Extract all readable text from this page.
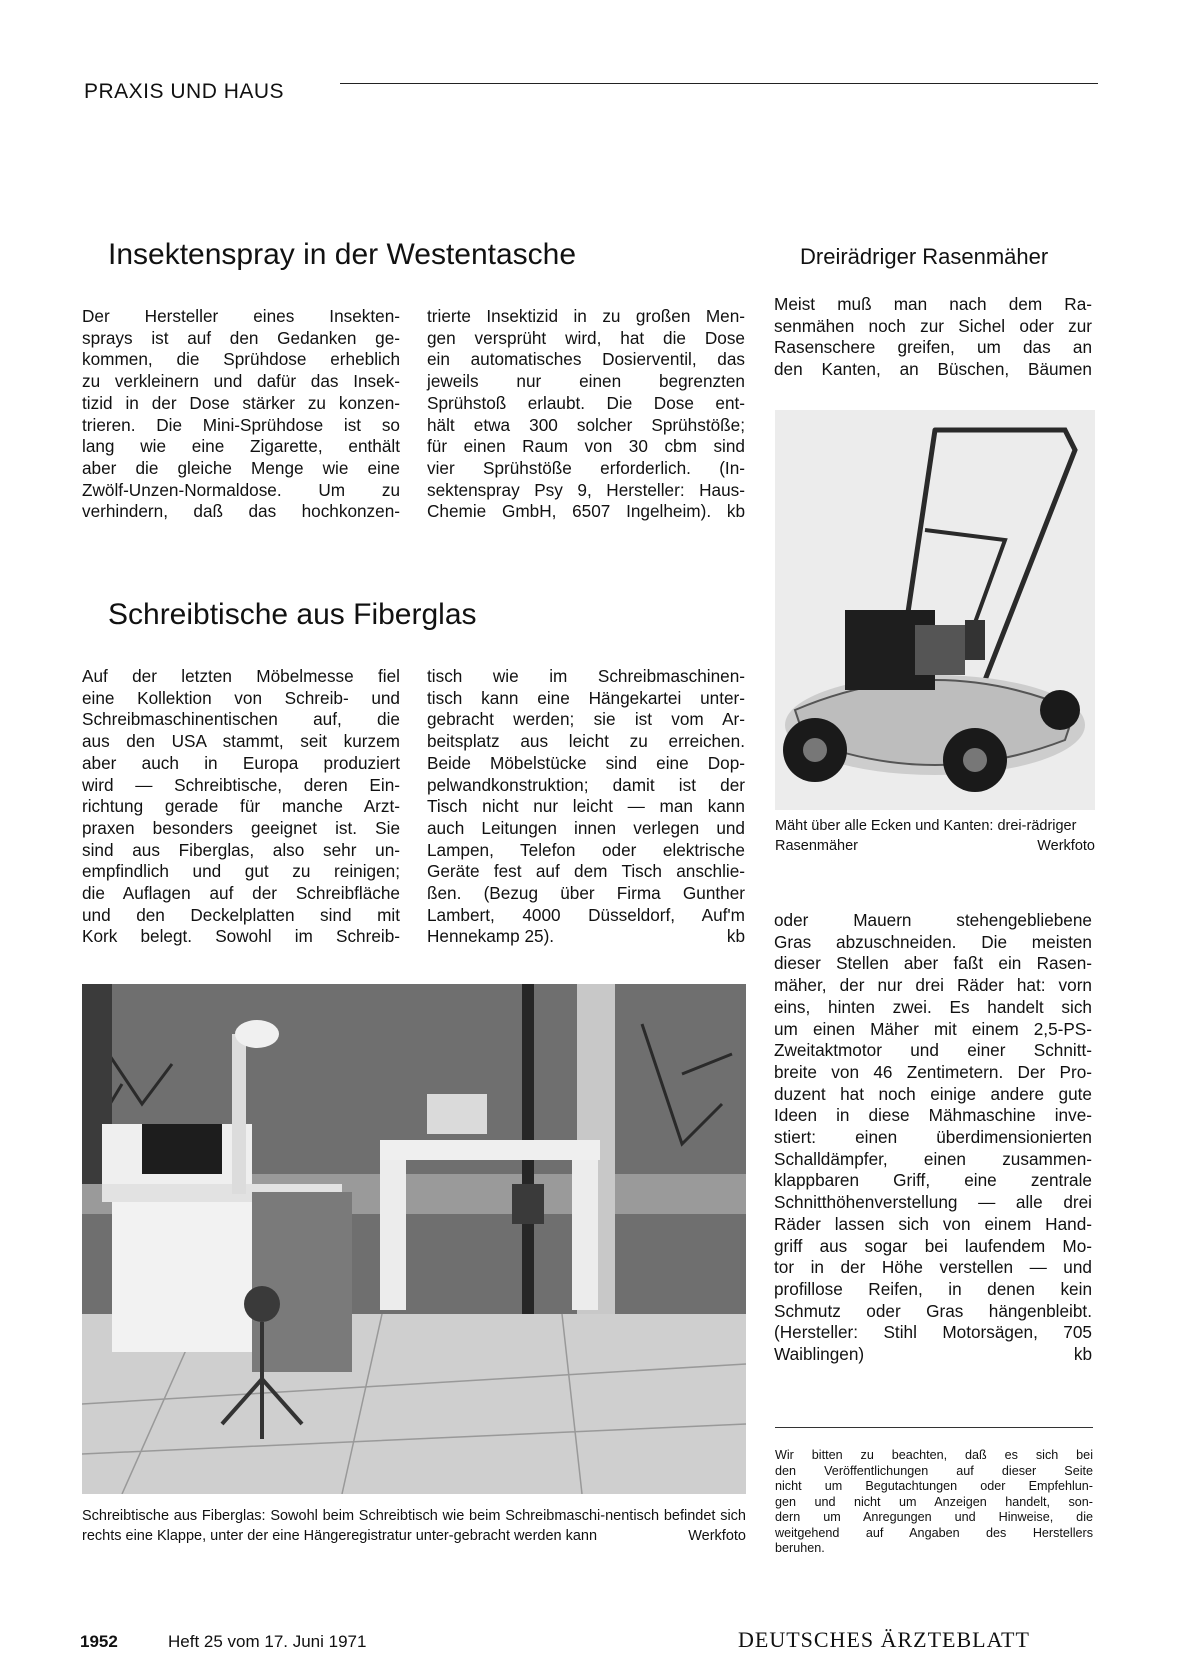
PRAXIS UND HAUS
Insektenspray in der Westentasche

Der Hersteller eines Insekten-

sprays ist auf den Gedanken ge-

kommen, die Sprühdose erheblich

zu verkleinern und dafür das Insek-

tizid in der Dose stärker zu konzen-

trieren. Die Mini-Sprühdose ist so

lang wie eine Zigarette, enthält

aber die gleiche Menge wie eine

Zwölf-Unzen-Normaldose. Um zu

verhindern, daß das hochkonzen-

trierte Insektizid in zu großen Men-

gen versprüht wird, hat die Dose

ein automatisches Dosierventil, das

jeweils nur einen begrenzten

Sprühstoß erlaubt. Die Dose ent-

hält etwa 300 solcher Sprühstöße;

für einen Raum von 30 cbm sind

vier Sprühstöße erforderlich. (In-

sektenspray Psy 9, Hersteller: Haus-

Chemie GmbH, 6507 Ingelheim). kb

Schreibtische aus Fiberglas

Auf der letzten Möbelmesse fiel

eine Kollektion von Schreib- und

Schreibmaschinentischen auf, die

aus den USA stammt, seit kurzem

aber auch in Europa produziert

wird — Schreibtische, deren Ein-

richtung gerade für manche Arzt-

praxen besonders geeignet ist. Sie

sind aus Fiberglas, also sehr un-

empfindlich und gut zu reinigen;

die Auflagen auf der Schreibfläche

und den Deckelplatten sind mit

Kork belegt. Sowohl im Schreib-

tisch wie im Schreibmaschinen-

tisch kann eine Hängekartei unter-

gebracht werden; sie ist vom Ar-

beitsplatz aus leicht zu erreichen.

Beide Möbelstücke sind eine Dop-

pelwandkonstruktion; damit ist der

Tisch nicht nur leicht — man kann

auch Leitungen innen verlegen und

Lampen, Telefon oder elektrische

Geräte fest auf dem Tisch anschlie-

ßen. (Bezug über Firma Gunther

Lambert, 4000 Düsseldorf, Auf'm

Hennekamp 25).	kb

Schreibtische aus Fiberglas: Sowohl beim Schreibtisch wie beim Schreibmaschi-nentisch befindet sich rechts eine Klappe, unter der eine Hängeregistratur unter-gebracht werden kann	Werkfoto
Dreirädriger Rasenmäher

Meist muß man nach dem Ra-

senmähen noch zur Sichel oder zur

Rasenschere greifen, um das an

den Kanten, an Büschen, Bäumen

Mäht über alle Ecken und Kanten: drei-rädriger Rasenmäher	Werkfoto

oder Mauern stehengebliebene

Gras abzuschneiden. Die meisten

dieser Stellen aber faßt ein Rasen-

mäher, der nur drei Räder hat: vorn

eins, hinten zwei. Es handelt sich

um einen Mäher mit einem 2,5-PS-

Zweitaktmotor und einer Schnitt-

breite von 46 Zentimetern. Der Pro-

duzent hat noch einige andere gute

Ideen in diese Mähmaschine inve-

stiert: einen überdimensionierten

Schalldämpfer, einen zusammen-

klappbaren Griff, eine zentrale

Schnitthöhenverstellung — alle drei

Räder lassen sich von einem Hand-

griff aus sogar bei laufendem Mo-

tor in der Höhe verstellen — und

profillose Reifen, in denen kein

Schmutz oder Gras hängenbleibt.

(Hersteller: Stihl Motorsägen, 705

Waiblingen)	kb

Wir bitten zu beachten, daß es sich bei
den Veröffentlichungen auf dieser Seite
nicht um Begutachtungen oder Empfehlun-
gen und nicht um Anzeigen handelt, son-
dern um Anregungen und Hinweise, die
weitgehend auf Angaben des Herstellers
beruhen.
1952	Heft 25 vom 17. Juni 1971	DEUTSCHES ÄRZTEBLATT
